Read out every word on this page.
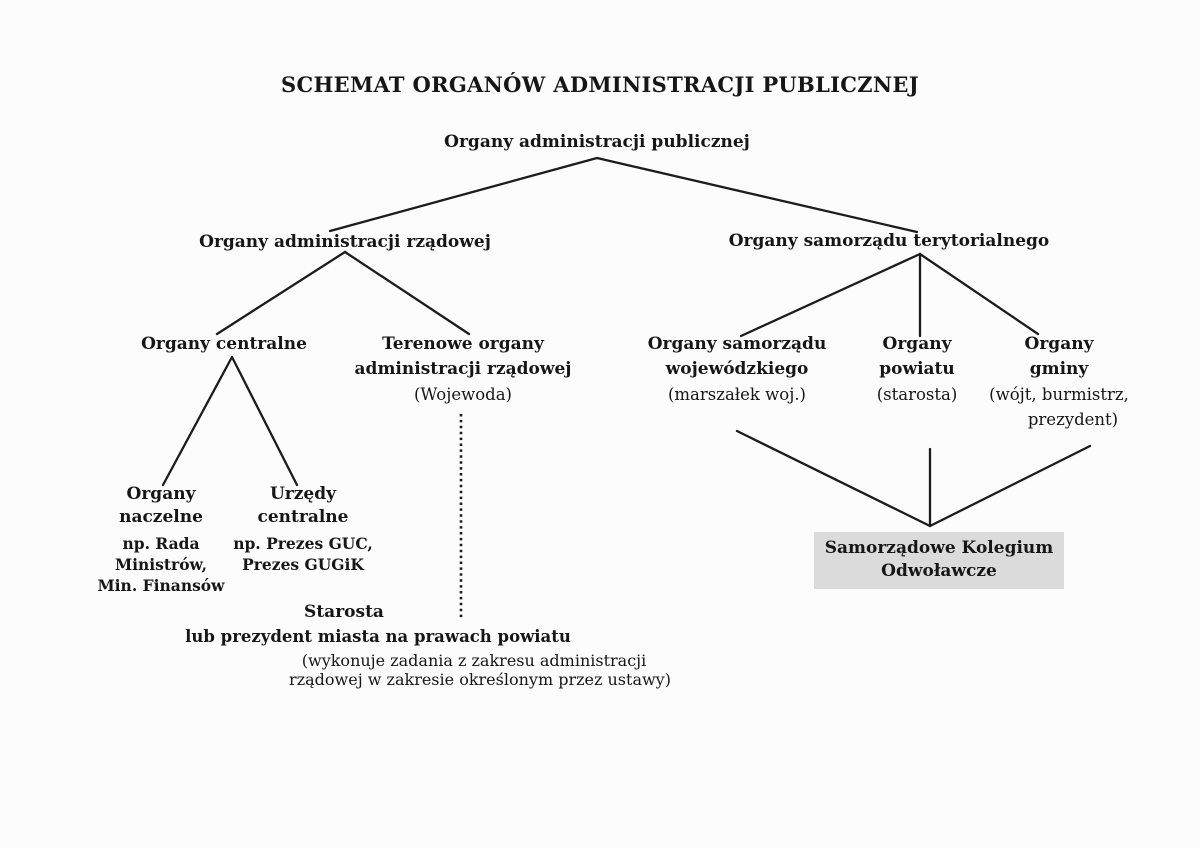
SCHEMAT ORGANÓW ADMINISTRACJI PUBLICZNEJ
Organy administracji publicznej
Organy administracji rządowej	Organy samorządu terytorialnego
Organy centralne	Terenowe organy
administracji rządowej
(Wojewoda)
Organy samorządu
wojewódzkiego
(marszałek woj.)
Organy
powiatu
(starosta)
Organy
gminy
(wójt, burmistrz,
prezydent)
Organy
naczelne
np. Rada
Ministrów,
Min. Finansów
Urzędy
centralne
np. Prezes GUC,
Prezes GUGiK
Starosta
lub prezydent miasta na prawach powiatu
(wykonuje zadania z zakresu administracji
rządowej w zakresie określonym przez ustawy)
Samorządowe Kolegium
Odwoławcze
